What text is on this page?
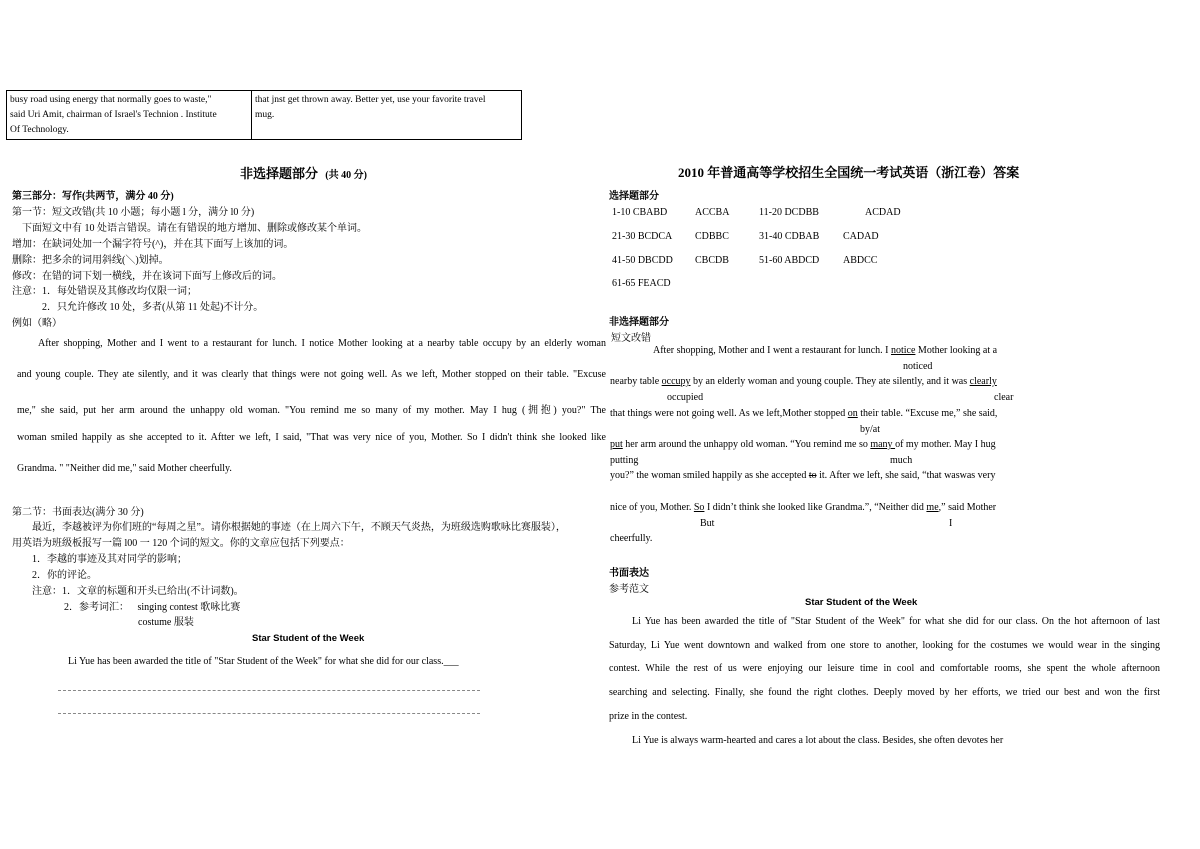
busy road using energy that normally goes to waste,"
said Uri Amit, chairman of Israel's Technion . Institute
Of Technology.
that jnst get thrown away. Better yet, use your favorite travel
mug.
非选择题部分 (共 40 分)
第三部分：写作(共两节，满分 40 分)
第一节：短文改错(共 10 小题；每小题 l 分，满分 l0 分)
下面短文中有 10 处语言错误。请在有错误的地方增加、删除或修改某个单词。
增加：在缺词处加一个漏字符号(^)，并在其下面写上该加的词。
删除：把多余的词用斜线(＼)划掉。
修改：在错的词下划一横线，并在该词下面写上修改后的词。
注意：1．每处错误及其修改均仅限一词；
2．只允许修改 10 处，多者(从第 11 处起)不计分。
例如（略）
After shopping, Mother and I went to a restaurant for lunch. I notice Mother looking at a nearby table occupy by an elderly woman
and young couple. They ate silently, and it was clearly that things were not going well. As we left, Mother stopped on their table. "Excuse
me," she said, put her arm around the unhappy old woman. "You remind me so many of my mother. May I hug (拥抱) you?" The
woman smiled happily as she accepted to it. Aftter we left, I said, "That was very nice of you, Mother. So I didn't think she looked like
Grandma. " "Neither did me," said Mother cheerfully.
第二节：书面表达(满分 30 分)
最近，李越被评为你们班的“每周之星”。请你根据她的事迹（在上周六下午，不顾天气炎热，为班级选购歌咏比赛服装），
用英语为班级板报写一篇 l00 一 120 个词的短文。你的文章应包括下列要点：
1．李越的事迹及其对同学的影响；
2．你的评论。
注意：1．文章的标题和开头已给出(不计词数)。
2．参考词汇： singing contest 歌咏比赛
costume 服装
Star Student of the Week
Li Yue has been awarded the title of "Star Student of the Week" for what she did for our class.___
2010 年普通高等学校招生全国统一考试英语（浙江卷）答案
选择题部分
1-10 CBABD	ACCBA	11-20 DCDBB	ACDAD
21-30 BCDCA CDBBC	31-40 CDBAB CADAD
41-50 DBCDD CBCDB	51-60 ABDCD ABDCC
61-65 FEACD
非选择题部分
短文改错
After shopping, Mother and I went a restaurant for lunch. I notice Mother looking at a
noticed
nearby table occupy by an elderly woman and young couple. They ate silently, and it was clearly
occupied	clear
that things were not going well. As we left,Mother stopped on their table. “Excuse me,” she said,
by/at
put her arm around the unhappy old woman. “You remind me so many of my mother. May I hug
putting	much
you?” the woman smiled happily as she accepted to it. After we left, she said, “that waswas very
nice of you, Mother. So I didn’t think she looked like Grandma.”, “Neither did me,” said Mother
But	I
cheerfully.
书面表达
参考范文
Star Student of the Week
Li Yue has been awarded the title of "Star Student of the Week" for what she did for our class. On the hot afternoon of last
Saturday, Li Yue went downtown and walked from one store to another, looking for the costumes we would wear in the singing
contest. While the rest of us were enjoying our leisure time in cool and comfortable rooms, she spent the whole afternoon
searching and selecting. Finally, she found the right clothes. Deeply moved by her efforts, we tried our best and won the first
prize in the contest.
Li Yue is always warm-hearted and cares a lot about the class. Besides, she often devotes her
